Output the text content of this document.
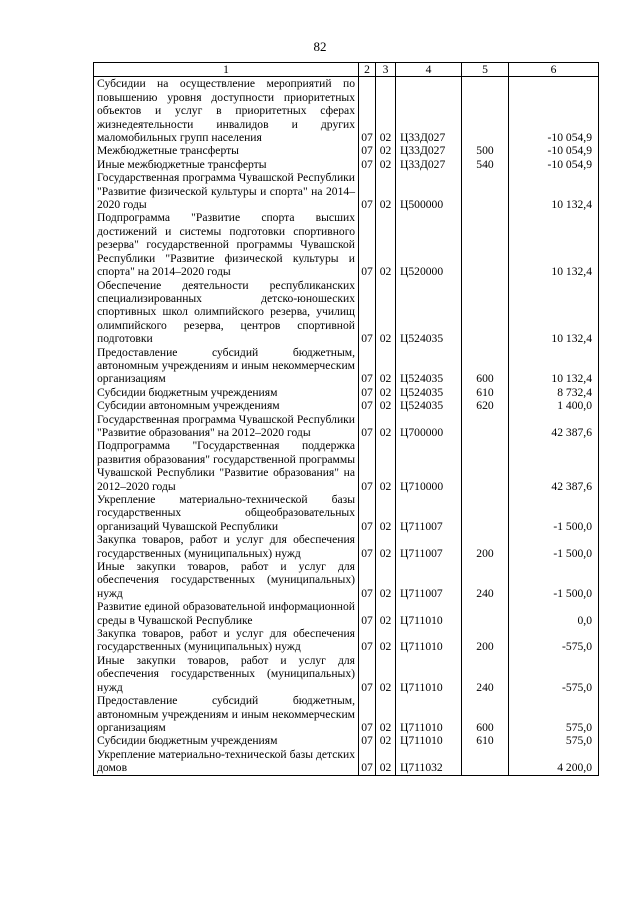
82
1	2	3	4	5	6
Субсидии на осуществление мероприятий по повышению уровня доступности приоритетных объектов и услуг в приоритетных сферах жизнедеятельности инвалидов и других маломобильных групп населения	07	02	Ц33Д027		-10 054,9
Межбюджетные трансферты	07	02	Ц33Д027	500	-10 054,9
Иные межбюджетные трансферты	07	02	Ц33Д027	540	-10 054,9
Государственная программа Чувашской Республики "Развитие физической культуры и спорта" на 2014–2020 годы	07	02	Ц500000		10 132,4
Подпрограмма "Развитие спорта высших достижений и системы подготовки спортивного резерва" государственной программы Чувашской Республики "Развитие физической культуры и спорта" на 2014–2020 годы	07	02	Ц520000		10 132,4
Обеспечение деятельности республиканских специализированных детско-юношеских спортивных школ олимпийского резерва, училищ олимпийского резерва, центров спортивной подготовки	07	02	Ц524035		10 132,4
Предоставление субсидий бюджетным, автономным учреждениям и иным некоммерческим организациям	07	02	Ц524035	600	10 132,4
Субсидии бюджетным учреждениям	07	02	Ц524035	610	8 732,4
Субсидии автономным учреждениям	07	02	Ц524035	620	1 400,0
Государственная программа Чувашской Республики "Развитие образования" на 2012–2020 годы	07	02	Ц700000		42 387,6
Подпрограмма "Государственная поддержка развития образования" государственной программы Чувашской Республики "Развитие образования" на 2012–2020 годы	07	02	Ц710000		42 387,6
Укрепление материально-технической базы государственных общеобразовательных организаций Чувашской Республики	07	02	Ц711007		-1 500,0
Закупка товаров, работ и услуг для обеспечения государственных (муниципальных) нужд	07	02	Ц711007	200	-1 500,0
Иные закупки товаров, работ и услуг для обеспечения государственных (муниципальных) нужд	07	02	Ц711007	240	-1 500,0
Развитие единой образовательной информационной среды в Чувашской Республике	07	02	Ц711010		0,0
Закупка товаров, работ и услуг для обеспечения государственных (муниципальных) нужд	07	02	Ц711010	200	-575,0
Иные закупки товаров, работ и услуг для обеспечения государственных (муниципальных) нужд	07	02	Ц711010	240	-575,0
Предоставление субсидий бюджетным, автономным учреждениям и иным некоммерческим организациям	07	02	Ц711010	600	575,0
Субсидии бюджетным учреждениям	07	02	Ц711010	610	575,0
Укрепление материально-технической базы детских домов	07	02	Ц711032		4 200,0
